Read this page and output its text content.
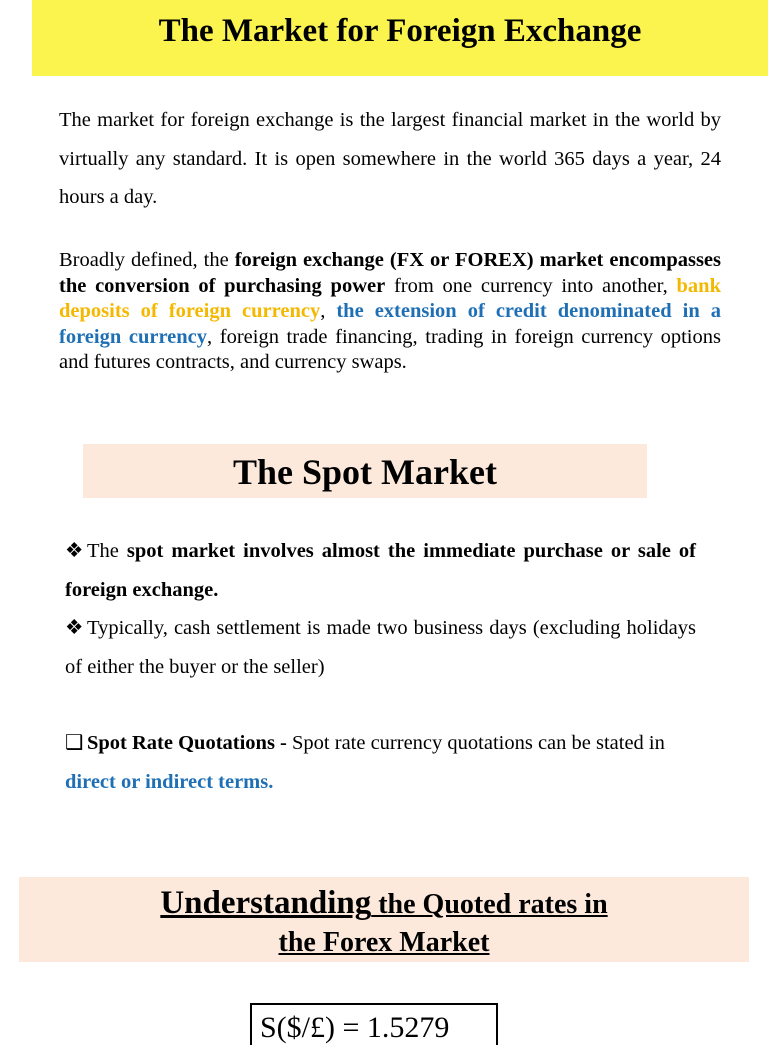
The Market for Foreign Exchange

The market for foreign exchange is the largest financial market in the world by virtually any standard. It is open somewhere in the world 365 days a year, 24 hours a day.

Broadly defined, the foreign exchange (FX or FOREX) market encompasses the conversion of purchasing power from one currency into another, bank deposits of foreign currency, the extension of credit denominated in a foreign currency, foreign trade financing, trading in foreign currency options and futures contracts, and currency swaps.

The Spot Market

❖ The spot market involves almost the immediate purchase or sale of foreign exchange.

❖ Typically, cash settlement is made two business days (excluding holidays of either the buyer or the seller)

❑ Spot Rate Quotations - Spot rate currency quotations can be stated in
direct or indirect terms.

Understanding the Quoted rates in
the Forex Market
S($/£) = 1.5279
